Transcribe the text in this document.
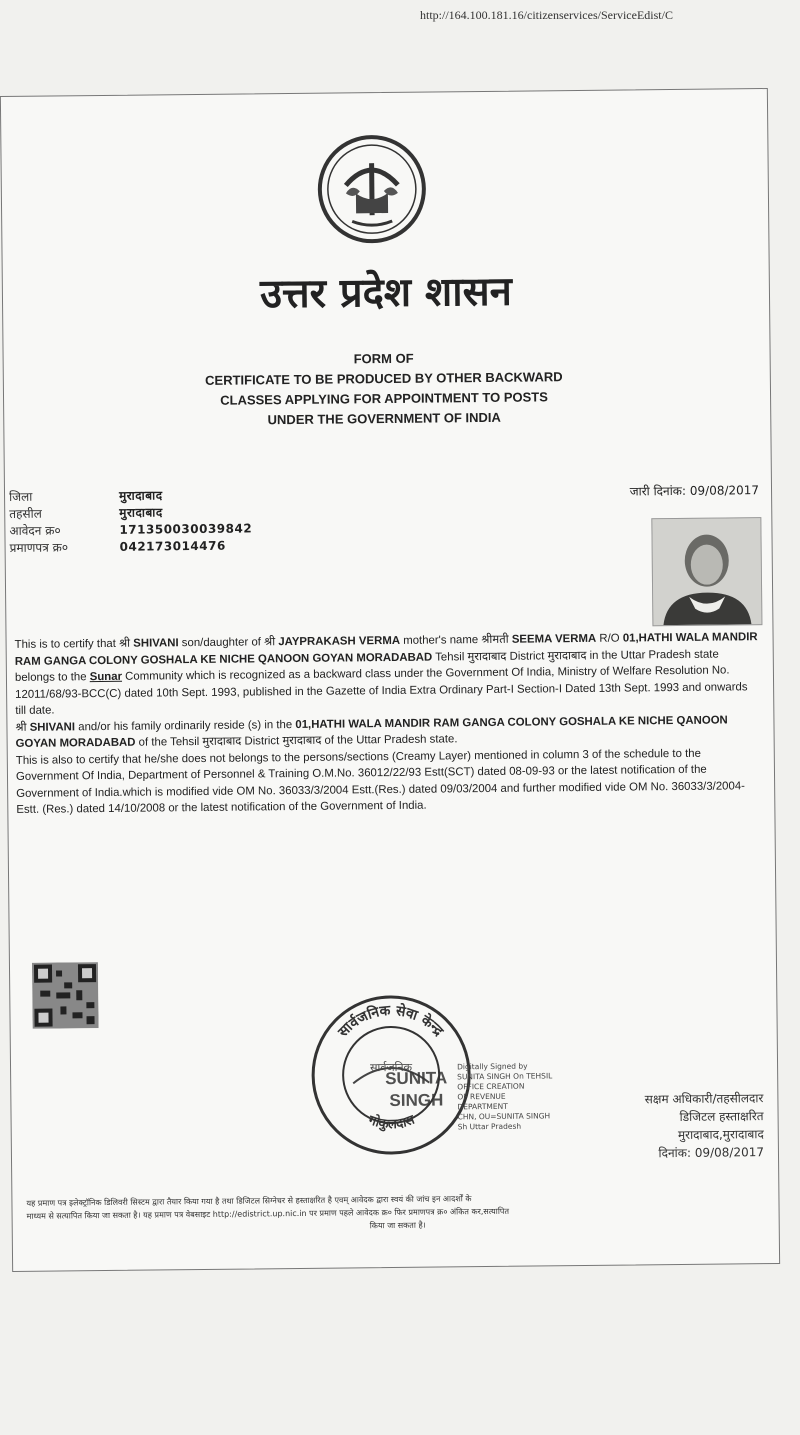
http://164.100.181.16/citizenservices/ServiceEdist/C
उत्तर प्रदेश शासन
FORM OF
CERTIFICATE TO BE PRODUCED BY OTHER BACKWARD
CLASSES APPLYING FOR APPOINTMENT TO POSTS
UNDER THE GOVERNMENT OF INDIA
जिला	मुरादाबाद
तहसील	मुरादाबाद
आवेदन क्र०	171350030039842
प्रमाणपत्र क्र०	042173014476
जारी दिनांक: 09/08/2017

This is to certify that श्री SHIVANI son/daughter of श्री JAYPRAKASH VERMA mother's name श्रीमती SEEMA VERMA R/O 01,HATHI WALA MANDIR RAM GANGA COLONY GOSHALA KE NICHE QANOON GOYAN MORADABAD Tehsil मुरादाबाद District मुरादाबाद in the Uttar Pradesh state belongs to the Sunar Community which is recognized as a backward class under the Government Of India, Ministry of Welfare Resolution No. 12011/68/93-BCC(C) dated 10th Sept. 1993, published in the Gazette of India Extra Ordinary Part-I Section-I Dated 13th Sept. 1993 and onwards till date.

श्री SHIVANI and/or his family ordinarily reside (s) in the 01,HATHI WALA MANDIR RAM GANGA COLONY GOSHALA KE NICHE QANOON GOYAN MORADABAD of the Tehsil मुरादाबाद District मुरादाबाद of the Uttar Pradesh state.

This is also to certify that he/she does not belongs to the persons/sections (Creamy Layer) mentioned in column 3 of the schedule to the Government Of India, Department of Personnel & Training O.M.No. 36012/22/93 Estt(SCT) dated 08-09-93 or the latest notification of the Government of India.which is modified vide OM No. 36033/3/2004 Estt.(Res.) dated 09/03/2004 and further modified vide OM No. 36033/3/2004-Estt. (Res.) dated 14/10/2008 or the latest notification of the Government of India.

सार्वजनिक सेवा केन्द्र
गोकुलदास
सार्वजनिक
SUNITA
SINGH
Digitally Signed by
SUNITA SINGH On TEHSIL
OFFICE CREATION
OF REVENUE
DEPARTMENT
CHN, OU=SUNITA SINGH
Sh Uttar Pradesh
सक्षम अधिकारी/तहसीलदार
डिजिटल हस्ताक्षरित
मुरादाबाद,मुरादाबाद
दिनांक: 09/08/2017
यह प्रमाण पत्र इलेक्ट्रॉनिक डिलिवरी सिस्टम द्वारा तैयार किया गया है तथा डिजिटल सिग्नेचर से हस्ताक्षरित है एवम् आवेदक द्वारा स्वयं की जांच इन आदर्शों के
माध्यम से सत्यापित किया जा सकता है। यह प्रमाण पत्र वेबसाइट http://edistrict.up.nic.in पर प्रमाण पहले आवेदक क्र० फिर प्रमाणपत्र क्र० अंकित कर,सत्यापित
किया जा सकता है।
